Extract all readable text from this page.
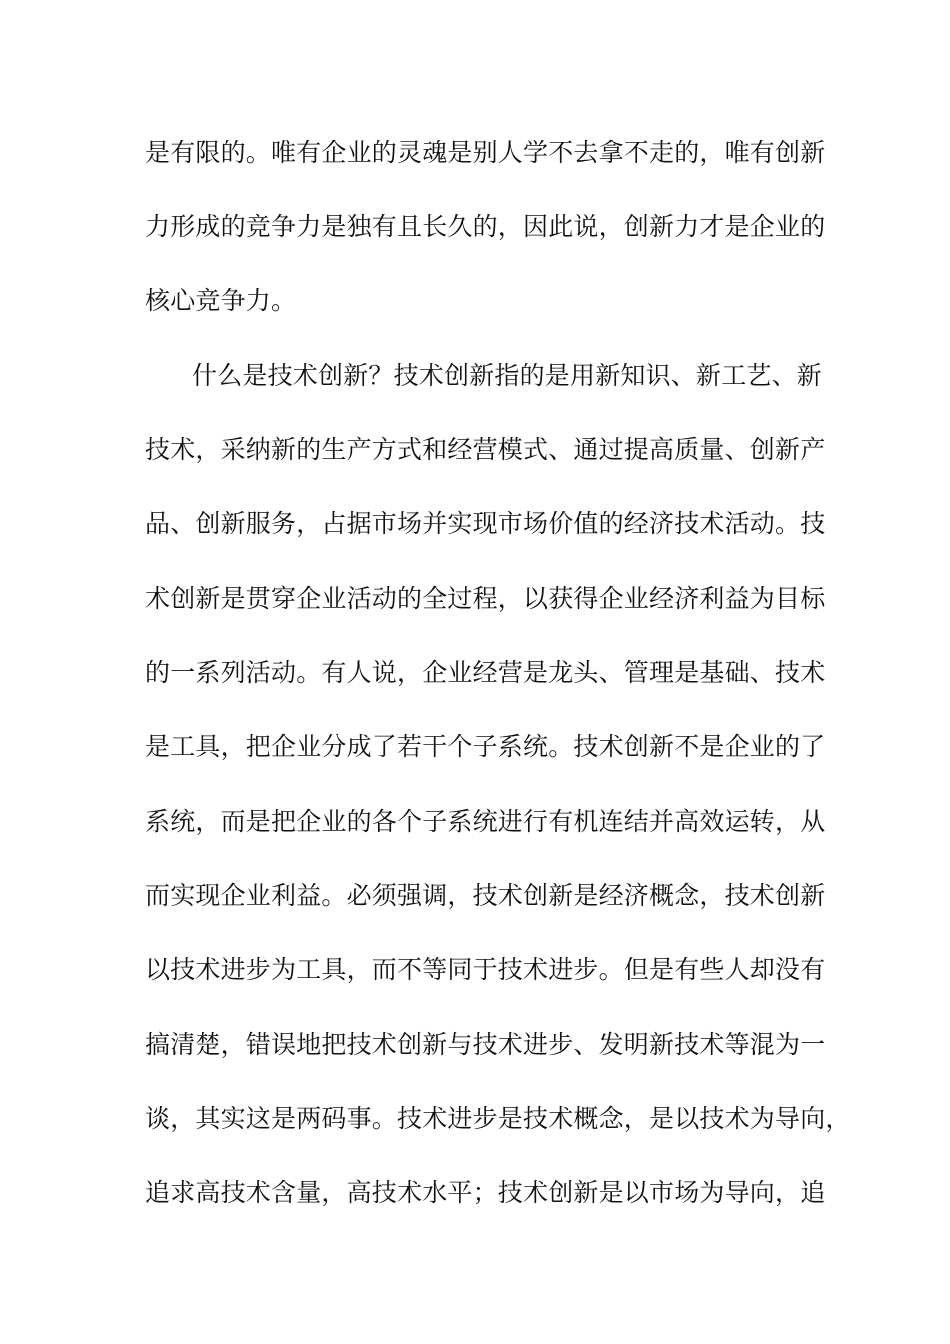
是有限的。唯有企业的灵魂是别人学不去拿不走的，唯有创新
力形成的竞争力是独有且长久的，因此说，创新力才是企业的
核心竞争力。
什么是技术创新？技术创新指的是用新知识、新工艺、新
技术，采纳新的生产方式和经营模式、通过提高质量、创新产
品、创新服务，占据市场并实现市场价值的经济技术活动。技
术创新是贯穿企业活动的全过程，以获得企业经济利益为目标
的一系列活动。有人说，企业经营是龙头、管理是基础、技术
是工具，把企业分成了若干个子系统。技术创新不是企业的了
系统，而是把企业的各个子系统进行有机连结并高效运转，从
而实现企业利益。必须强调，技术创新是经济概念，技术创新
以技术进步为工具，而不等同于技术进步。但是有些人却没有
搞清楚，错误地把技术创新与技术进步、发明新技术等混为一
谈，其实这是两码事。技术进步是技术概念，是以技术为导向，
追求高技术含量，高技术水平；技术创新是以市场为导向，追
